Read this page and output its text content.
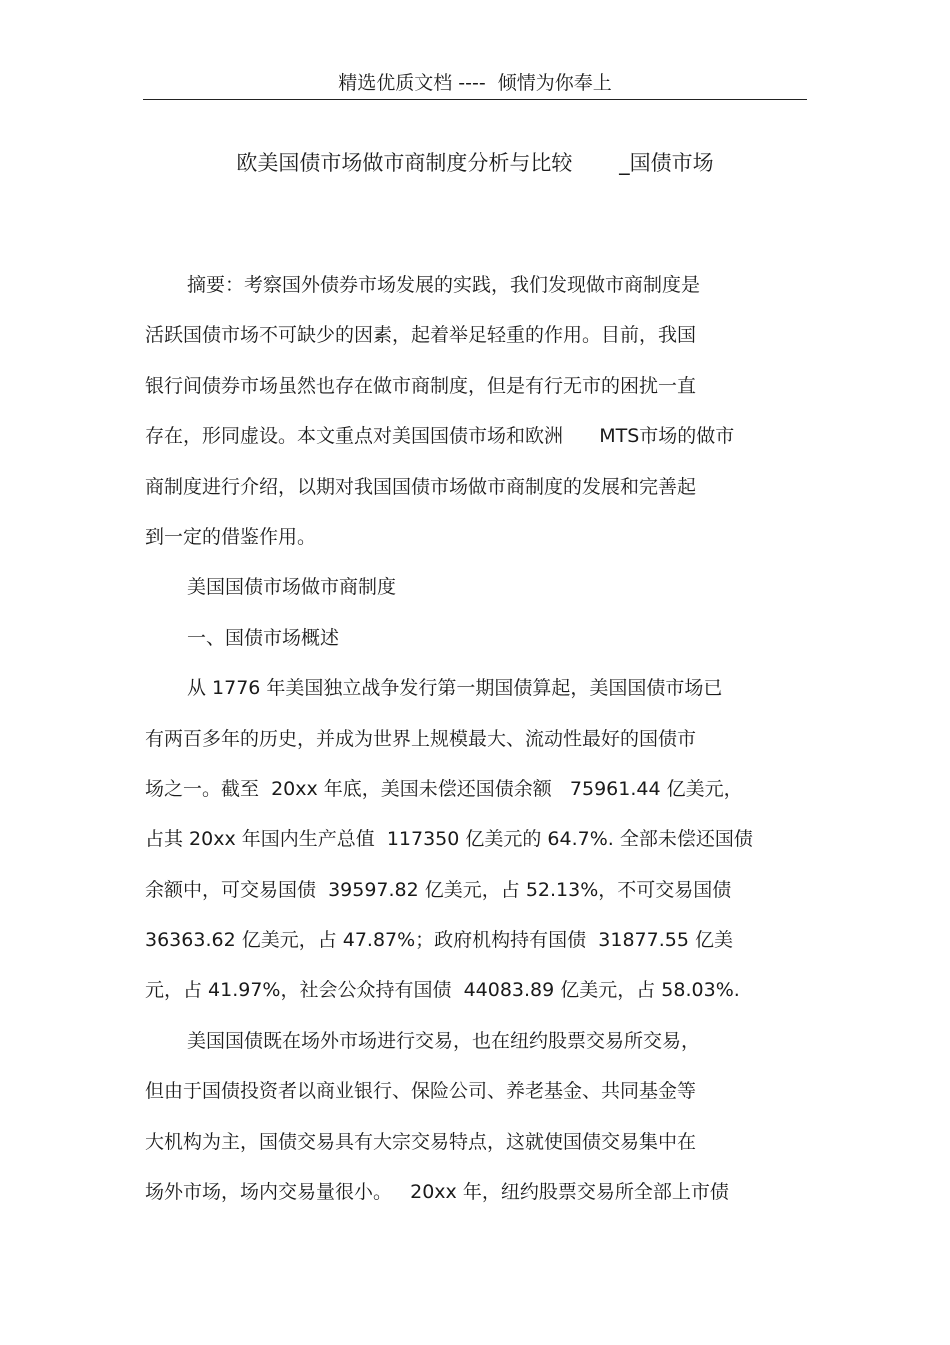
精选优质文档 ----  倾情为你奉上
欧美国债市场做市商制度分析与比较       _国债市场
摘要：考察国外债券市场发展的实践，我们发现做市商制度是
活跃国债市场不可缺少的因素，起着举足轻重的作用。目前，我国
银行间债券市场虽然也存在做市商制度，但是有行无市的困扰一直
存在，形同虚设。本文重点对美国国债市场和欧洲      MTS市场的做市
商制度进行介绍，以期对我国国债市场做市商制度的发展和完善起
到一定的借鉴作用。
美国国债市场做市商制度
一、国债市场概述
从 1776 年美国独立战争发行第一期国债算起，美国国债市场已
有两百多年的历史，并成为世界上规模最大、流动性最好的国债市
场之一。截至  20xx 年底，美国未偿还国债余额   75961.44 亿美元，
占其 20xx 年国内生产总值  117350 亿美元的 64.7%. 全部未偿还国债
余额中，可交易国债  39597.82 亿美元，占 52.13%，不可交易国债
36363.62 亿美元，占 47.87%；政府机构持有国债  31877.55 亿美
元，占 41.97%，社会公众持有国债  44083.89 亿美元，占 58.03%.
美国国债既在场外市场进行交易，也在纽约股票交易所交易，
但由于国债投资者以商业银行、保险公司、养老基金、共同基金等
大机构为主，国债交易具有大宗交易特点，这就使国债交易集中在
场外市场，场内交易量很小。   20xx 年，纽约股票交易所全部上市债
